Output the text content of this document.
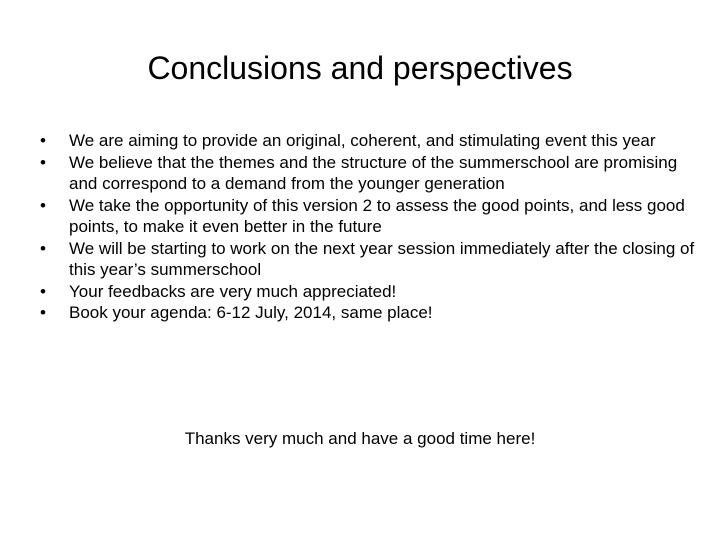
Conclusions and perspectives
• We are aiming to provide an original, coherent, and stimulating event this year
• We believe that the themes and the structure of the summerschool are promising and correspond to a demand from the younger generation
• We take the opportunity of this version 2 to assess the good points, and less good points, to make it even better in the future
• We will be starting to work on the next year session immediately after the closing of this year’s summerschool
• Your feedbacks are very much appreciated!
• Book your agenda: 6-12 July, 2014, same place!

Thanks very much and have a good time here!
